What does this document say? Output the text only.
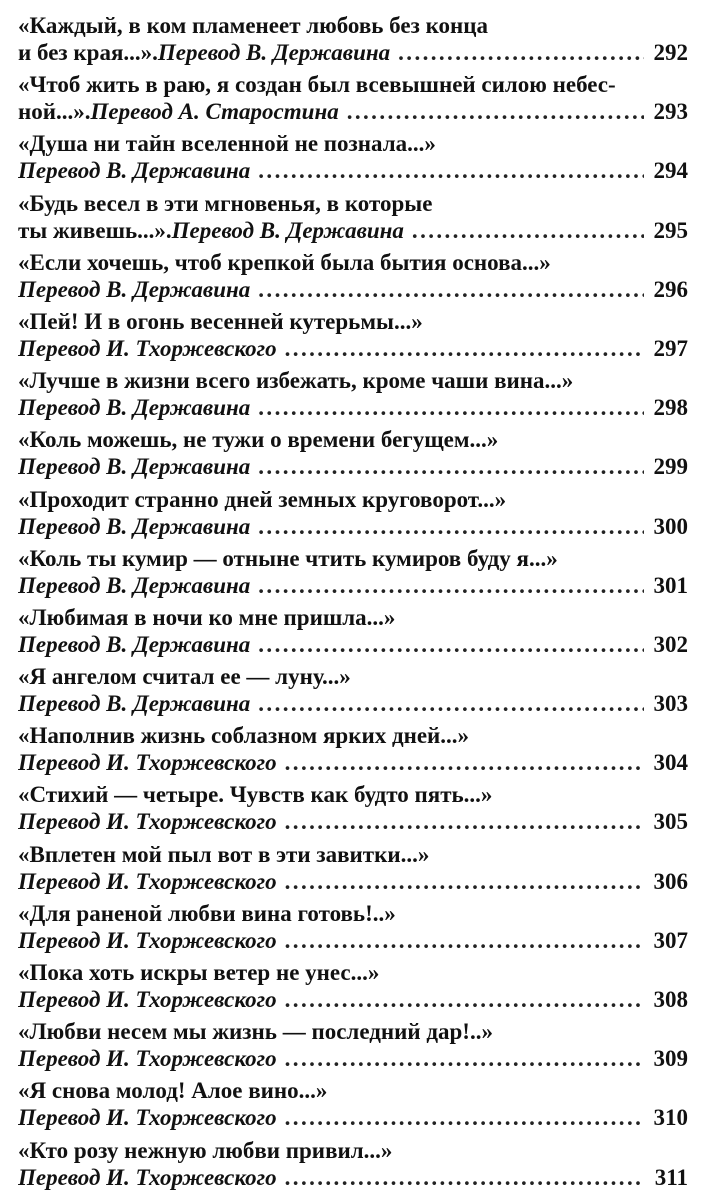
«Каждый, в ком пламенеет любовь без конца
и без края...». Перевод В. Державина .....	292
«Чтоб жить в раю, я создан был всевышней силою небес-
ной...». Перевод А. Старостина .....	293
«Душа ни тайн вселенной не познала...»
Перевод В. Державина .....	294
«Будь весел в эти мгновенья, в которые
ты живешь...». Перевод В. Державина .....	295
«Если хочешь, чтоб крепкой была бытия основа...»
Перевод В. Державина .....	296
«Пей! И в огонь весенней кутерьмы...»
Перевод И. Тхоржевского .....	297
«Лучше в жизни всего избежать, кроме чаши вина...»
Перевод В. Державина .....	298
«Коль можешь, не тужи о времени бегущем...»
Перевод В. Державина .....	299
«Проходит странно дней земных круговорот...»
Перевод В. Державина .....	300
«Коль ты кумир — отныне чтить кумиров буду я...»
Перевод В. Державина .....	301
«Любимая в ночи ко мне пришла...»
Перевод В. Державина .....	302
«Я ангелом считал ее — луну...»
Перевод В. Державина .....	303
«Наполнив жизнь соблазном ярких дней...»
Перевод И. Тхоржевского .....	304
«Стихий — четыре. Чувств как будто пять...»
Перевод И. Тхоржевского .....	305
«Вплетен мой пыл вот в эти завитки...»
Перевод И. Тхоржевского .....	306
«Для раненой любви вина готовь!..»
Перевод И. Тхоржевского .....	307
«Пока хоть искры ветер не унес...»
Перевод И. Тхоржевского .....	308
«Любви несем мы жизнь — последний дар!..»
Перевод И. Тхоржевского .....	309
«Я снова молод! Алое вино...»
Перевод И. Тхоржевского .....	310
«Кто розу нежную любви привил...»
Перевод И. Тхоржевского .....	311
